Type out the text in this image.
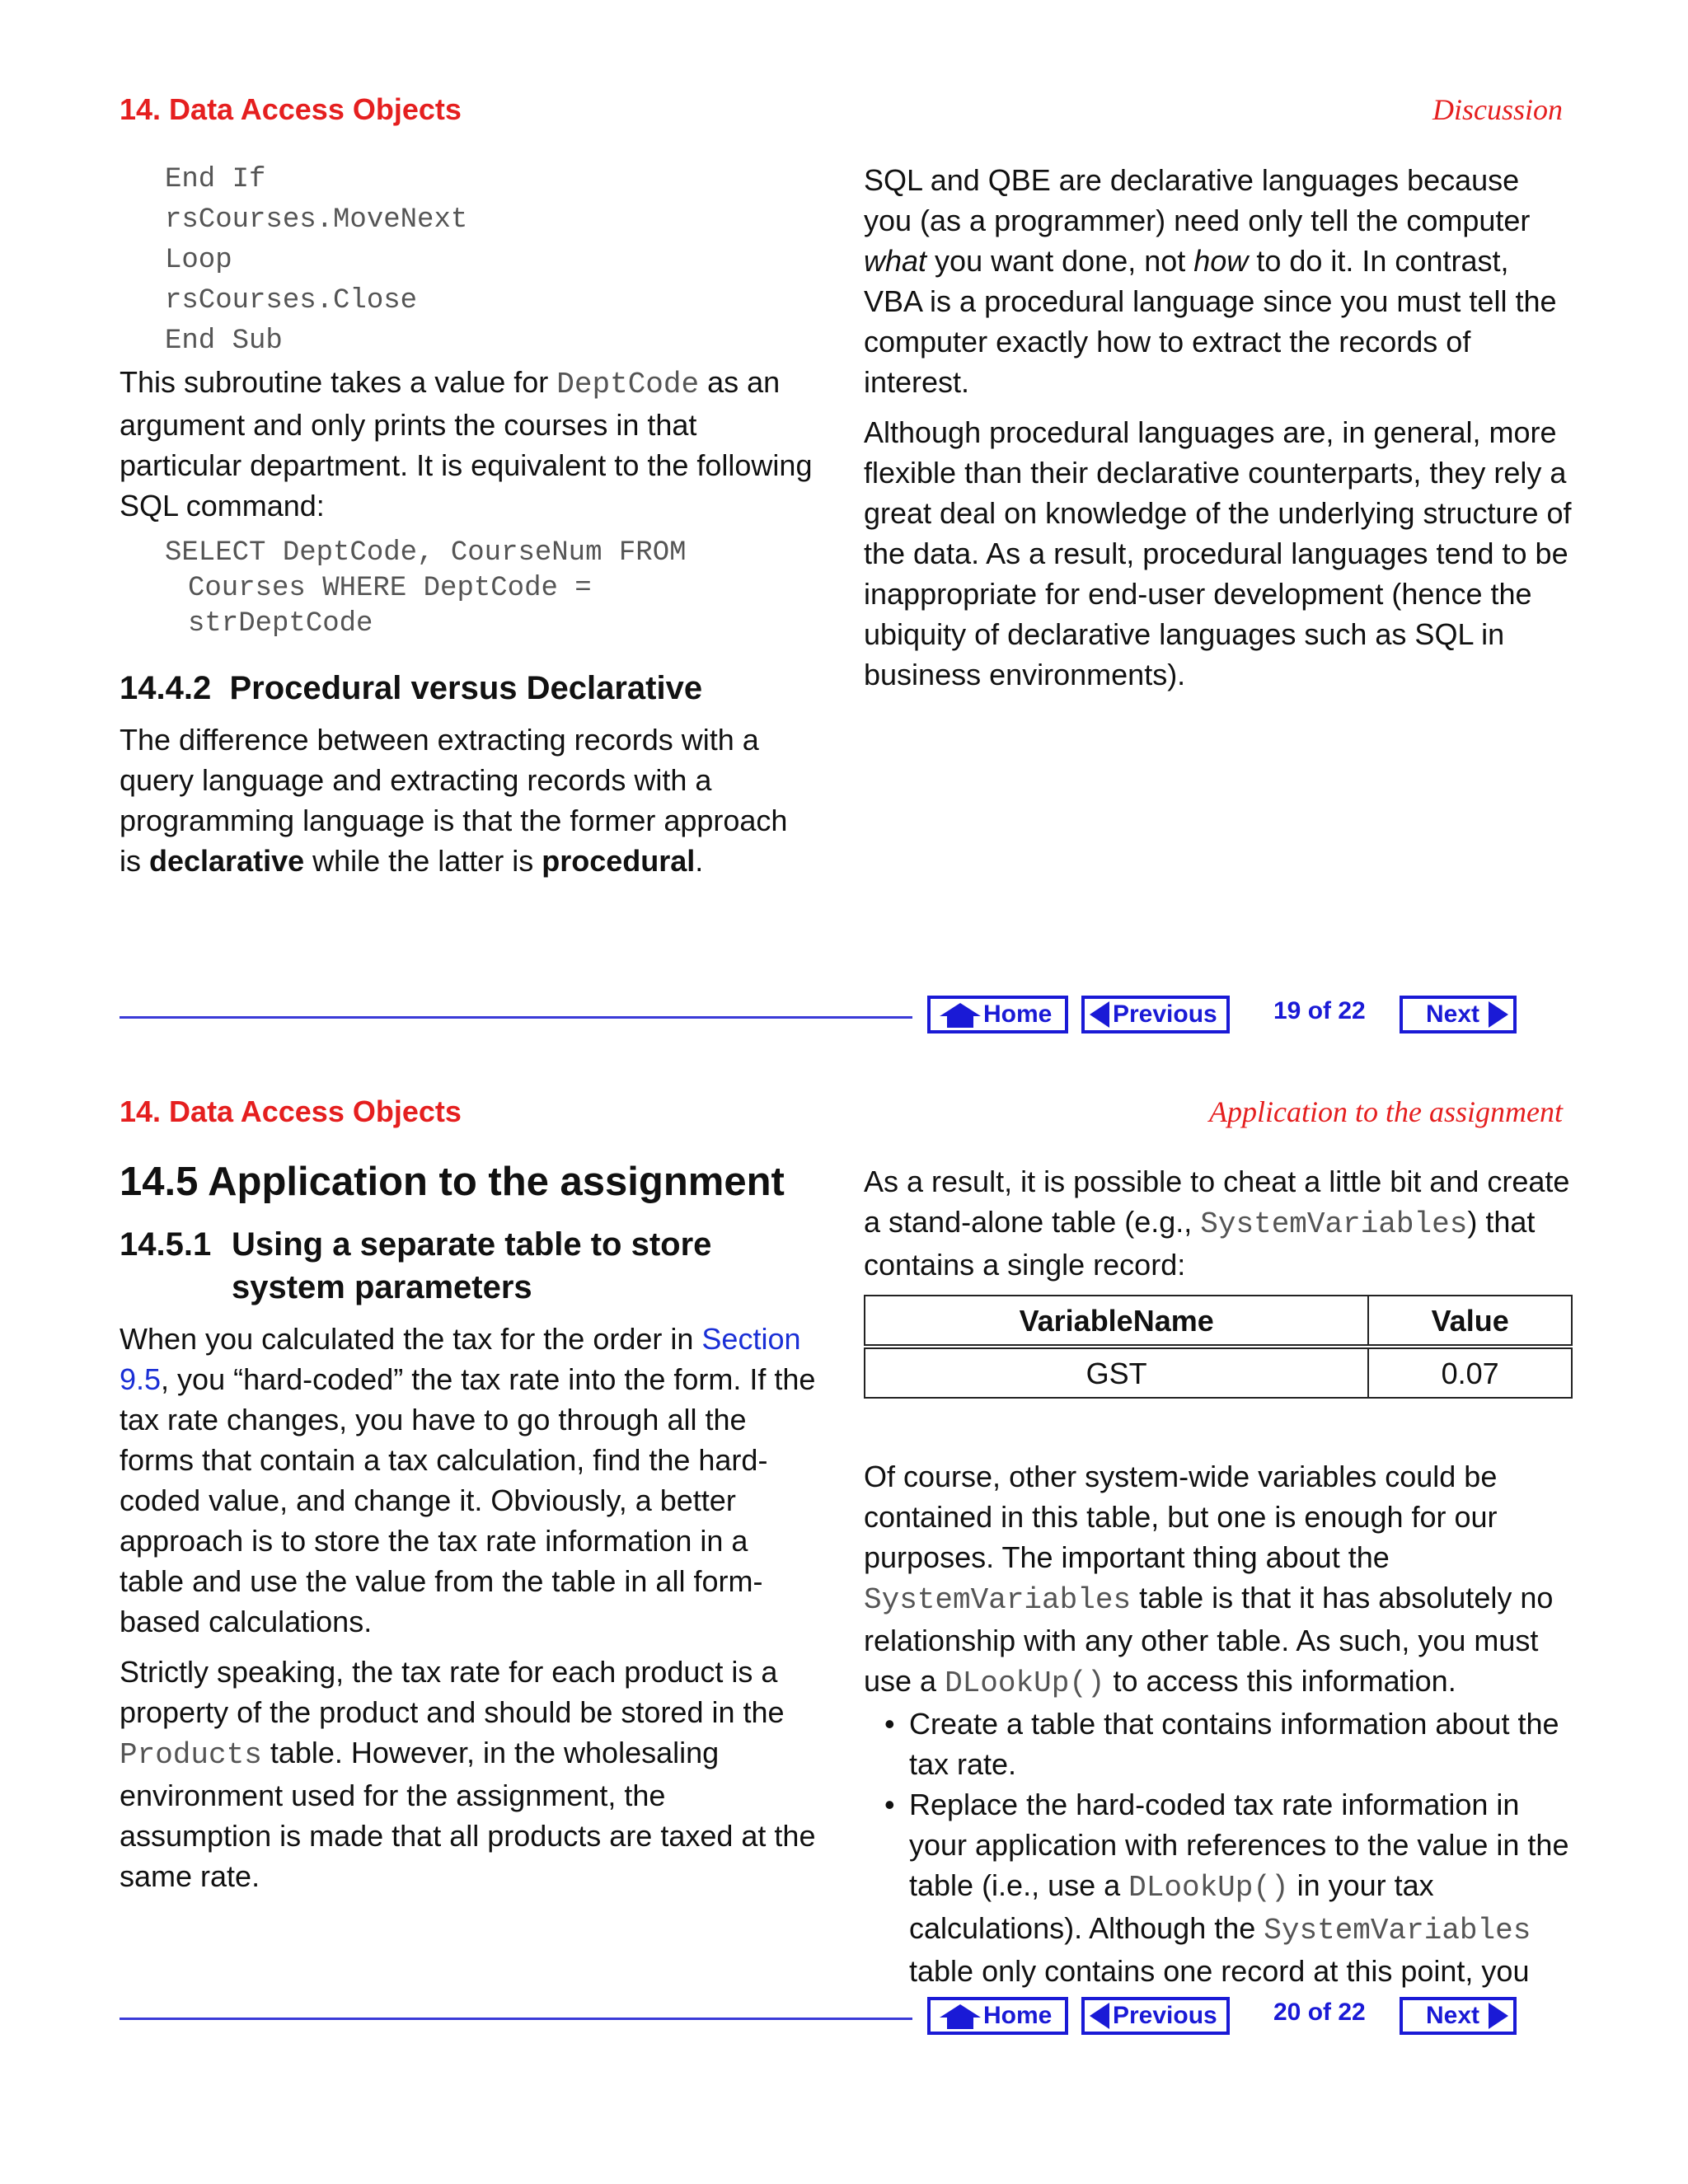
14. Data Access Objects	Discussion
End If
rsCourses.MoveNext
Loop
rsCourses.Close
End Sub

This subroutine takes a value for DeptCode as an argument and only prints the courses in that particular department. It is equivalent to the following SQL command:

SELECT DeptCode, CourseNum FROM
Courses WHERE DeptCode =
strDeptCode
14.4.2 Procedural versus Declarative

The difference between extracting records with a query language and extracting records with a programming language is that the former approach is declarative while the latter is procedural.

SQL and QBE are declarative languages because you (as a programmer) need only tell the computer what you want done, not how to do it. In contrast, VBA is a procedural language since you must tell the computer exactly how to extract the records of interest.

Although procedural languages are, in general, more flexible than their declarative counterparts, they rely a great deal on knowledge of the underlying structure of the data. As a result, procedural languages tend to be inappropriate for end-user development (hence the ubiquity of declarative languages such as SQL in business environments).

Home Previous 19 of 22 Next
14. Data Access Objects	Application to the assignment
14.5 Application to the assignment
14.5.1 Using a separate table to store system parameters

When you calculated the tax for the order in Section 9.5, you “hard-coded” the tax rate into the form. If the tax rate changes, you have to go through all the forms that contain a tax calculation, find the hard-coded value, and change it. Obviously, a better approach is to store the tax rate information in a table and use the value from the table in all form-based calculations.

Strictly speaking, the tax rate for each product is a property of the product and should be stored in the Products table. However, in the wholesaling environment used for the assignment, the assumption is made that all products are taxed at the same rate.

As a result, it is possible to cheat a little bit and create a stand-alone table (e.g., SystemVariables) that contains a single record:

VariableName	Value
GST	0.07

Of course, other system-wide variables could be contained in this table, but one is enough for our purposes. The important thing about the SystemVariables table is that it has absolutely no relationship with any other table. As such, you must use a DLookUp() to access this information.

• Create a table that contains information about the tax rate.
• Replace the hard-coded tax rate information in your application with references to the value in the table (i.e., use a DLookUp() in your tax calculations). Although the SystemVariables table only contains one record at this point, you
Home Previous 20 of 22 Next
